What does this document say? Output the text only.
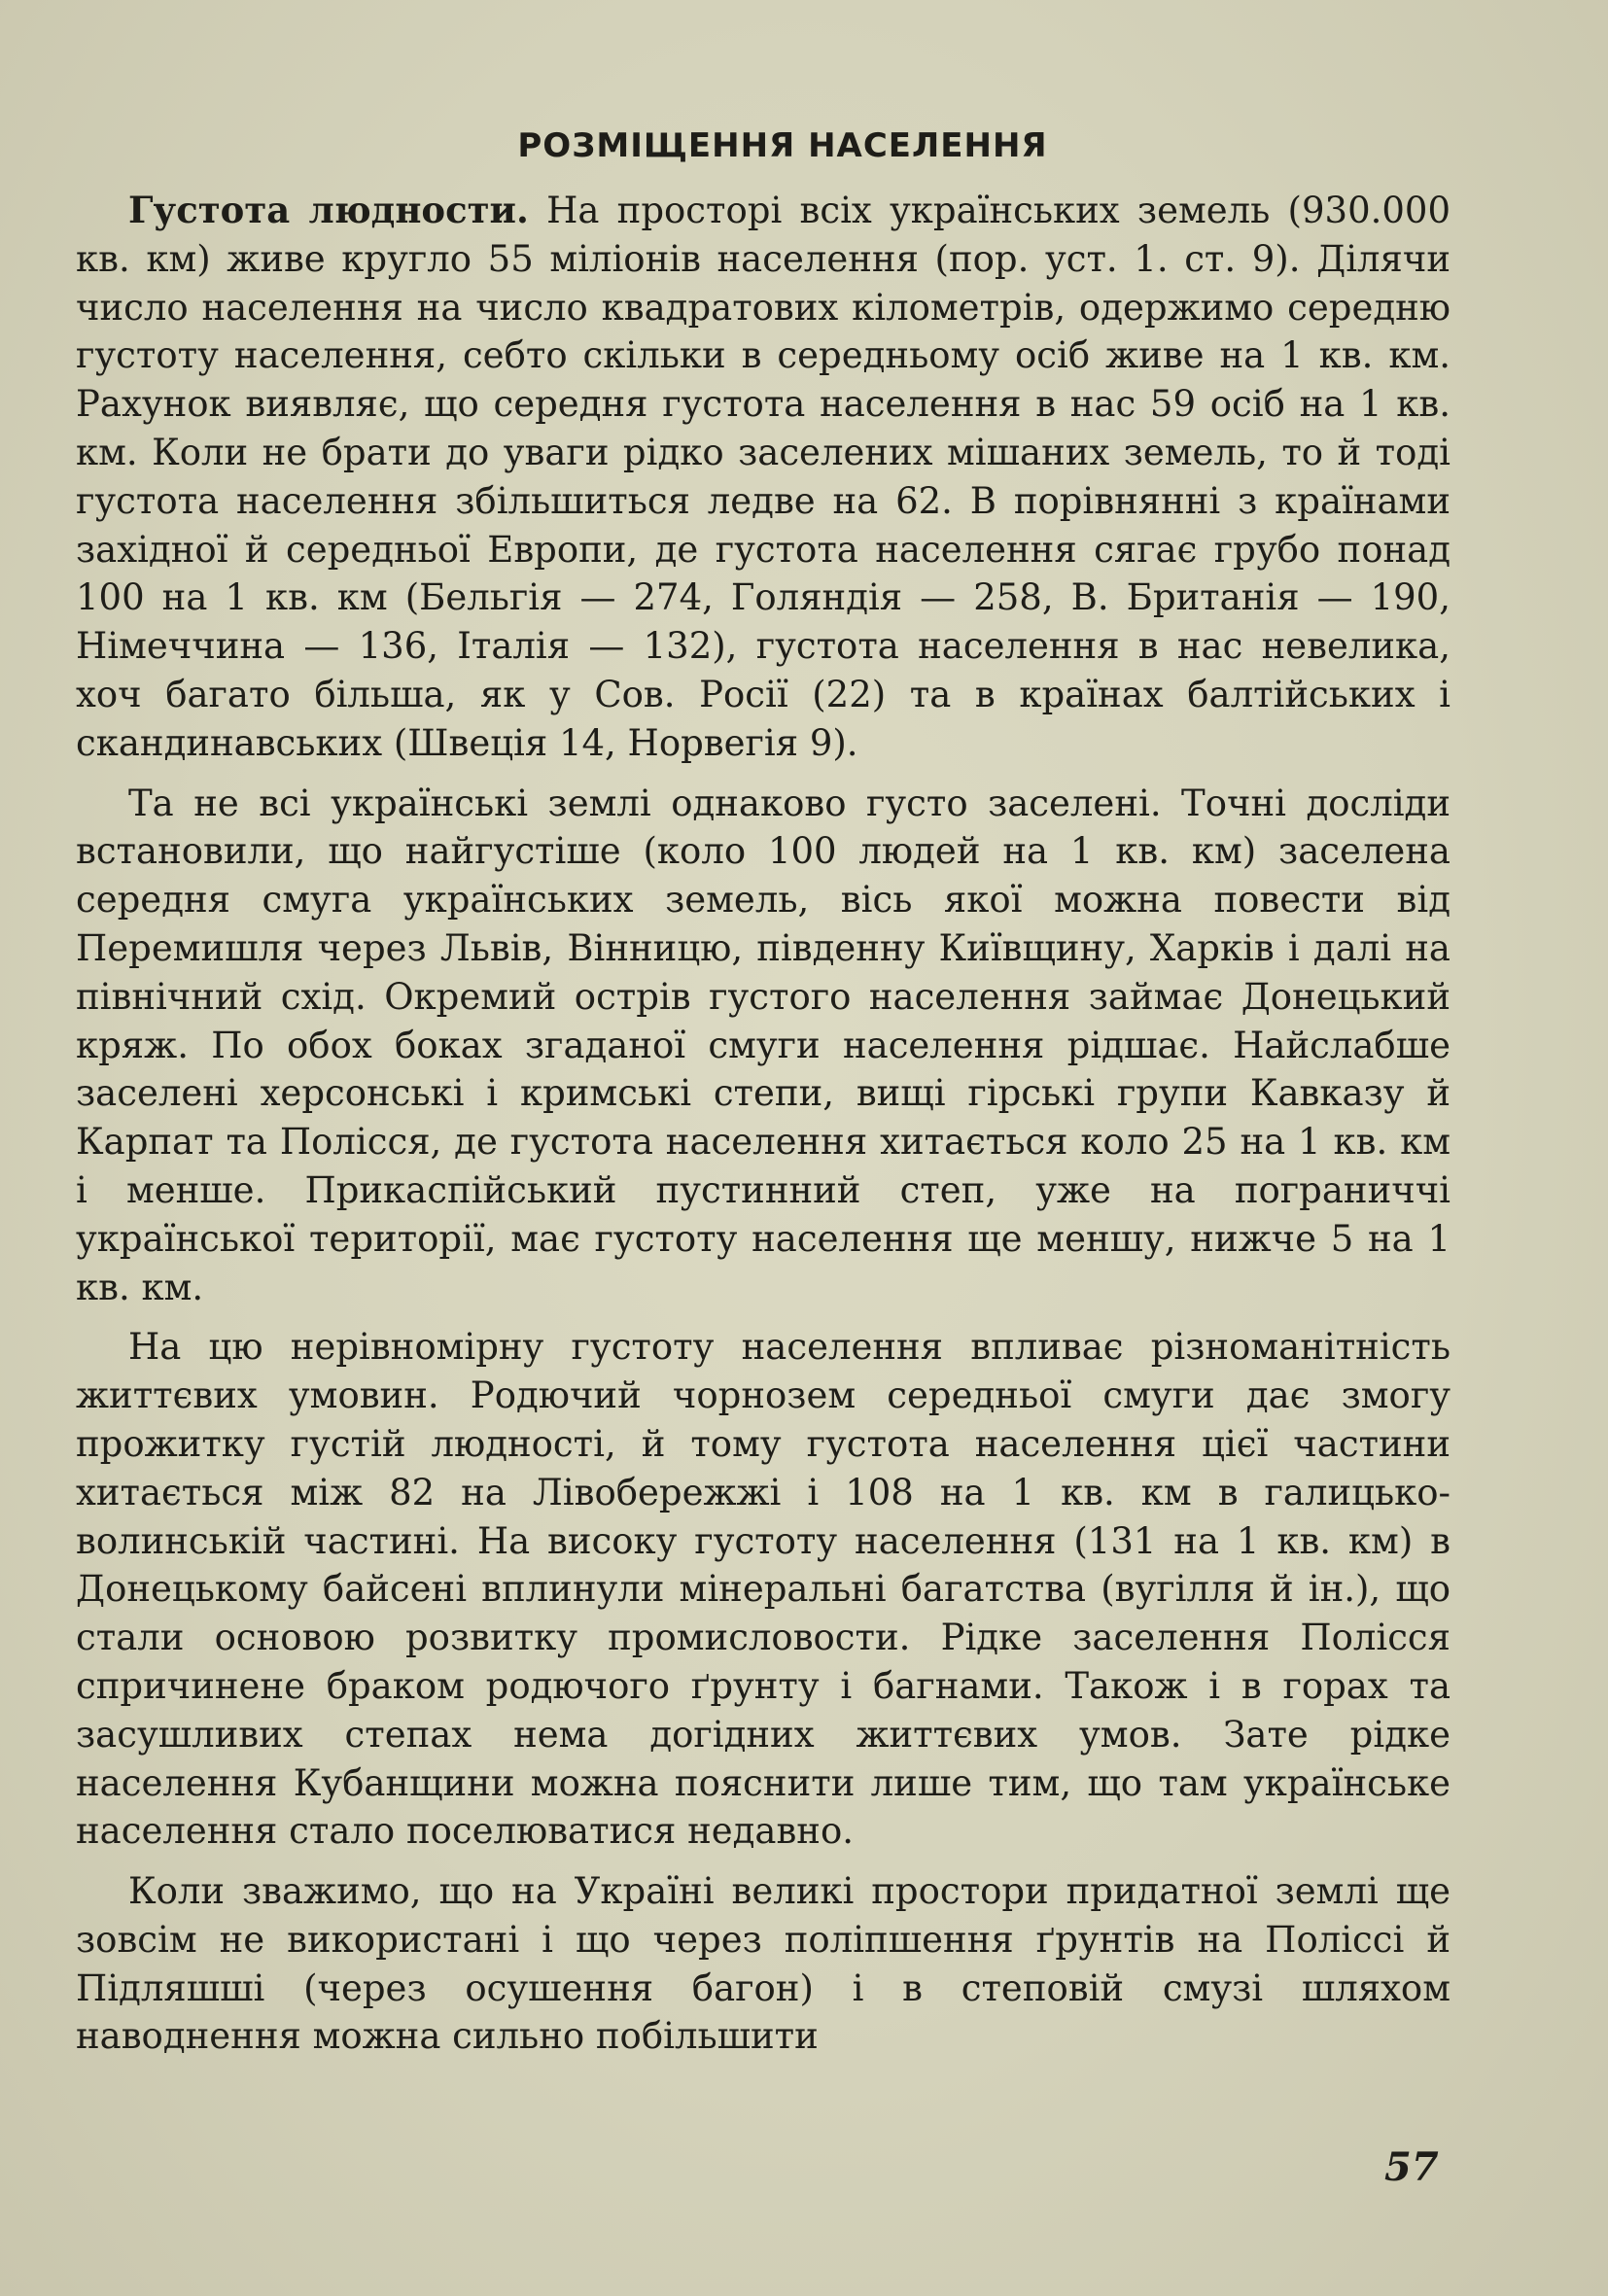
РОЗМІЩЕННЯ НАСЕЛЕННЯ

Густота людности. На просторі всіх українських земель (930.000 кв. км) живе кругло 55 міліонів населення (пор. уст. 1. ст. 9). Ділячи число населення на число квадратових кілометрів, одержимо середню густоту населення, себто скільки в середньому осіб живе на 1 кв. км. Рахунок виявляє, що середня густота населення в нас 59 осіб на 1 кв. км. Коли не брати до уваги рідко заселених мішаних земель, то й тоді густота населення збільшиться ледве на 62. В порівнянні з країнами західної й середньої Европи, де густота населення сягає грубо понад 100 на 1 кв. км (Бельгія — 274, Голяндія — 258, В. Британія — 190, Німеччина — 136, Італія — 132), густота населення в нас невелика, хоч багато більша, як у Сов. Росії (22) та в країнах балтійських і скандинавських (Швеція 14, Норвегія 9).

Та не всі українські землі однаково густо заселені. Точні досліди встановили, що найгустіше (коло 100 людей на 1 кв. км) заселена середня смуга українських земель, вісь якої можна повести від Перемишля через Львів, Вінницю, південну Київщину, Харків і далі на північний схід. Окремий острів густого населення займає Донецький кряж. По обох боках згаданої смуги населення рідшає. Найслабше заселені херсонські і кримські степи, вищі гірські групи Кавказу й Карпат та Полісся, де густота населення хитається коло 25 на 1 кв. км і менше. Прикаспійський пустинний степ, уже на пограниччі української території, має густоту населення ще меншу, нижче 5 на 1 кв. км.

На цю нерівномірну густоту населення впливає різноманітність життєвих умовин. Родючий чорнозем середньої смуги дає змогу прожитку густій людності, й тому густота населення цієї частини хитається між 82 на Лівобережжі і 108 на 1 кв. км в галицько-волинській частині. На високу густоту населення (131 на 1 кв. км) в Донецькому байсені вплинули мінеральні багатства (вугілля й ін.), що стали основою розвитку промисловости. Рідке заселення Полісся спричинене браком родючого ґрунту і багнами. Також і в горах та засушливих степах нема догідних життєвих умов. Зате рідке населення Кубанщини можна пояснити лише тим, що там українське населення стало поселюватися недавно.

Коли зважимо, що на Україні великі простори придатної землі ще зовсім не використані і що через поліпшення ґрунтів на Поліссі й Підляшші (через осушення багон) і в степовій смузі шляхом наводнення можна сильно побільшити

57
